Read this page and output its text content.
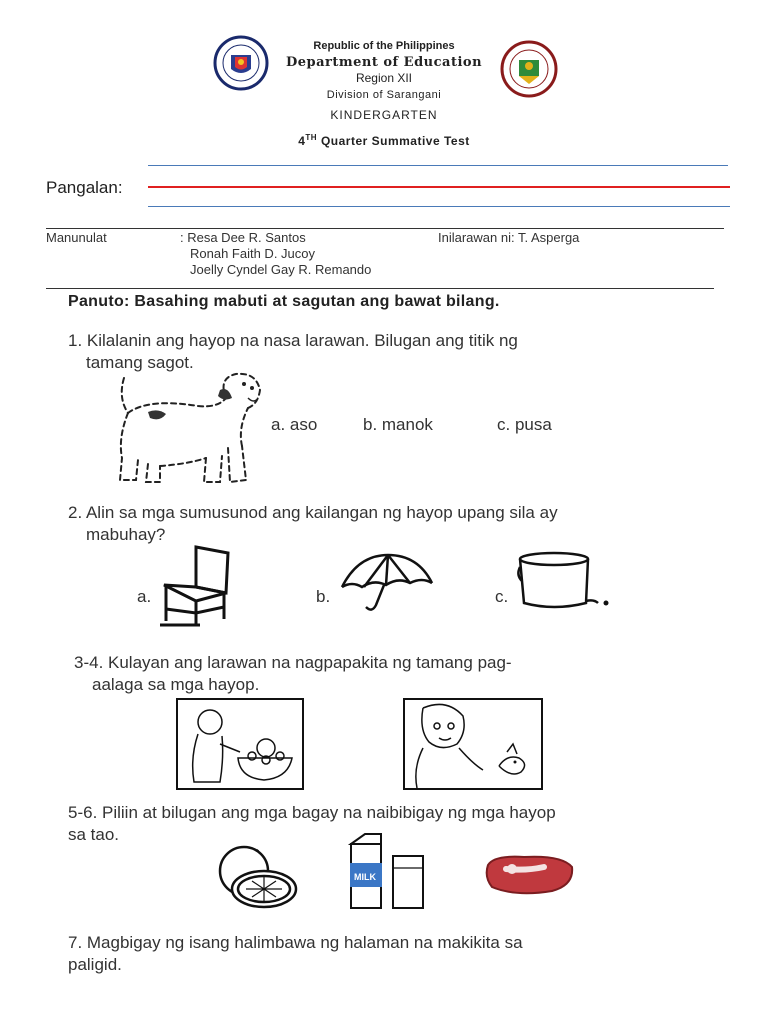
Republic of the Philippines
Department of Education
Region XII
Division of Sarangani
KINDERGARTEN
4TH Quarter Summative Test
Pangalan:
Manunulat	: Resa Dee R. Santos
Ronah Faith D. Jucoy
Joelly Cyndel Gay R. Remando
Inilarawan ni: T. Asperga
Panuto: Basahing mabuti at sagutan ang bawat bilang.
1. Kilalanin ang hayop na nasa larawan. Bilugan ang titik ng
tamang sagot.
a. aso	b. manok	c. pusa
2. Alin sa mga sumusunod ang kailangan ng hayop upang sila ay
mabuhay?
a.	b.	c.
3-4. Kulayan ang larawan na nagpapakita ng tamang pag-
aalaga sa mga hayop.
5-6. Piliin at bilugan ang mga bagay na naibibigay ng mga hayop
sa tao.
*
MILK
7. Magbigay ng isang halimbawa ng halaman na makikita sa
paligid.
